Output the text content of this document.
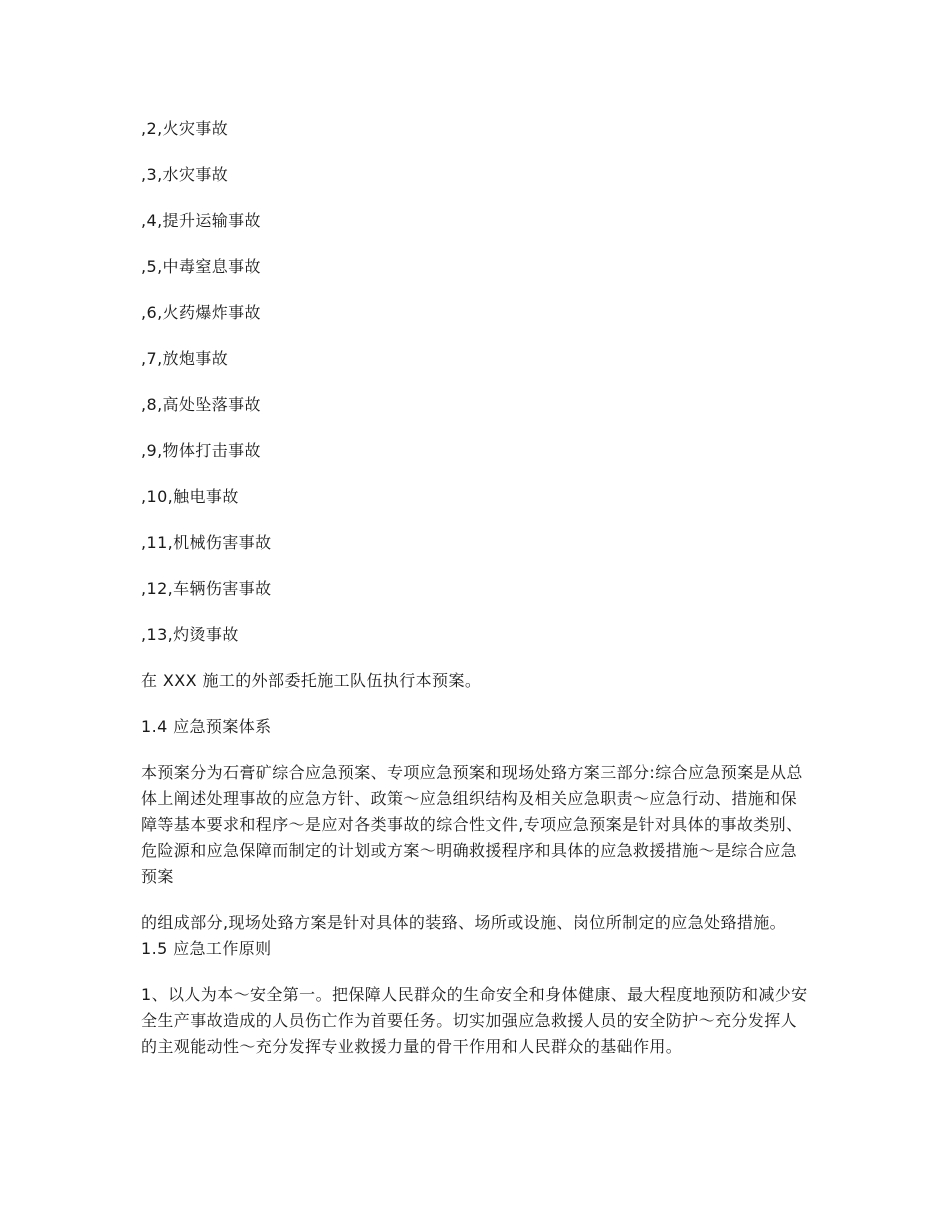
,2,火灾事故

,3,水灾事故

,4,提升运输事故

,5,中毒窒息事故

,6,火药爆炸事故

,7,放炮事故

,8,高处坠落事故

,9,物体打击事故

,10,触电事故

,11,机械伤害事故

,12,车辆伤害事故

,13,灼烫事故

在 XXX 施工的外部委托施工队伍执行本预案。

1.4 应急预案体系

本预案分为石膏矿综合应急预案、专项应急预案和现场处臵方案三部分:综合应急预案是从总体上阐述处理事故的应急方针、政策～应急组织结构及相关应急职责～应急行动、措施和保障等基本要求和程序～是应对各类事故的综合性文件,专项应急预案是针对具体的事故类别、危险源和应急保障而制定的计划或方案～明确救援程序和具体的应急救援措施～是综合应急预案

的组成部分,现场处臵方案是针对具体的装臵、场所或设施、岗位所制定的应急处臵措施。 1.5 应急工作原则

1、以人为本～安全第一。把保障人民群众的生命安全和身体健康、最大程度地预防和减少安全生产事故造成的人员伤亡作为首要任务。切实加强应急救援人员的安全防护～充分发挥人的主观能动性～充分发挥专业救援力量的骨干作用和人民群众的基础作用。
